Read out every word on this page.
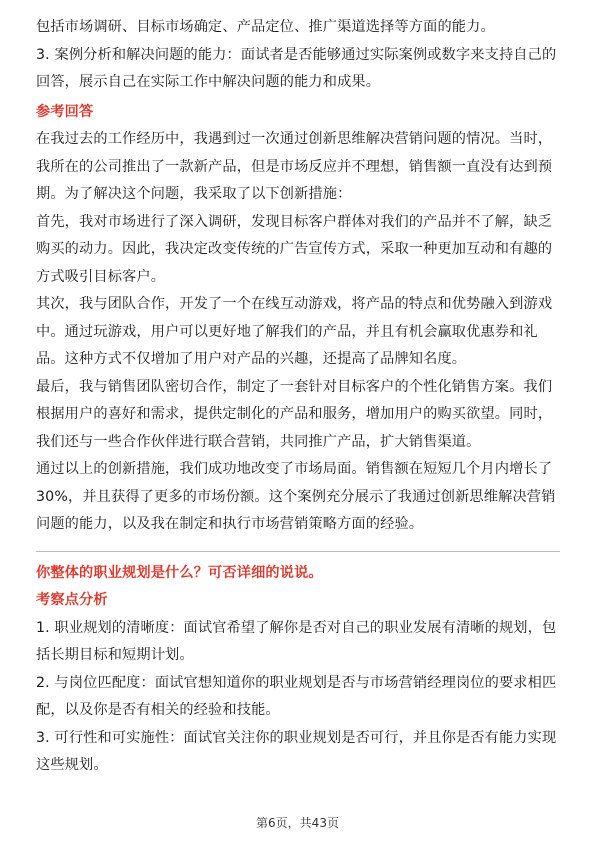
包括市场调研、目标市场确定、产品定位、推广渠道选择等方面的能力。

3. 案例分析和解决问题的能力：面试者是否能够通过实际案例或数字来支持自己的回答，展示自己在实际工作中解决问题的能力和成果。

参考回答

在我过去的工作经历中，我遇到过一次通过创新思维解决营销问题的情况。当时，我所在的公司推出了一款新产品，但是市场反应并不理想，销售额一直没有达到预期。为了解决这个问题，我采取了以下创新措施：

首先，我对市场进行了深入调研，发现目标客户群体对我们的产品并不了解，缺乏购买的动力。因此，我决定改变传统的广告宣传方式，采取一种更加互动和有趣的方式吸引目标客户。

其次，我与团队合作，开发了一个在线互动游戏，将产品的特点和优势融入到游戏中。通过玩游戏，用户可以更好地了解我们的产品，并且有机会赢取优惠券和礼品。这种方式不仅增加了用户对产品的兴趣，还提高了品牌知名度。

最后，我与销售团队密切合作，制定了一套针对目标客户的个性化销售方案。我们根据用户的喜好和需求，提供定制化的产品和服务，增加用户的购买欲望。同时，我们还与一些合作伙伴进行联合营销，共同推广产品，扩大销售渠道。

通过以上的创新措施，我们成功地改变了市场局面。销售额在短短几个月内增长了30%，并且获得了更多的市场份额。这个案例充分展示了我通过创新思维解决营销问题的能力，以及我在制定和执行市场营销策略方面的经验。

你整体的职业规划是什么？可否详细的说说。

考察点分析

1. 职业规划的清晰度：面试官希望了解你是否对自己的职业发展有清晰的规划，包括长期目标和短期计划。

2. 与岗位匹配度：面试官想知道你的职业规划是否与市场营销经理岗位的要求相匹配，以及你是否有相关的经验和技能。

3. 可行性和可实施性：面试官关注你的职业规划是否可行，并且你是否有能力实现这些规划。

第6页，共43页
